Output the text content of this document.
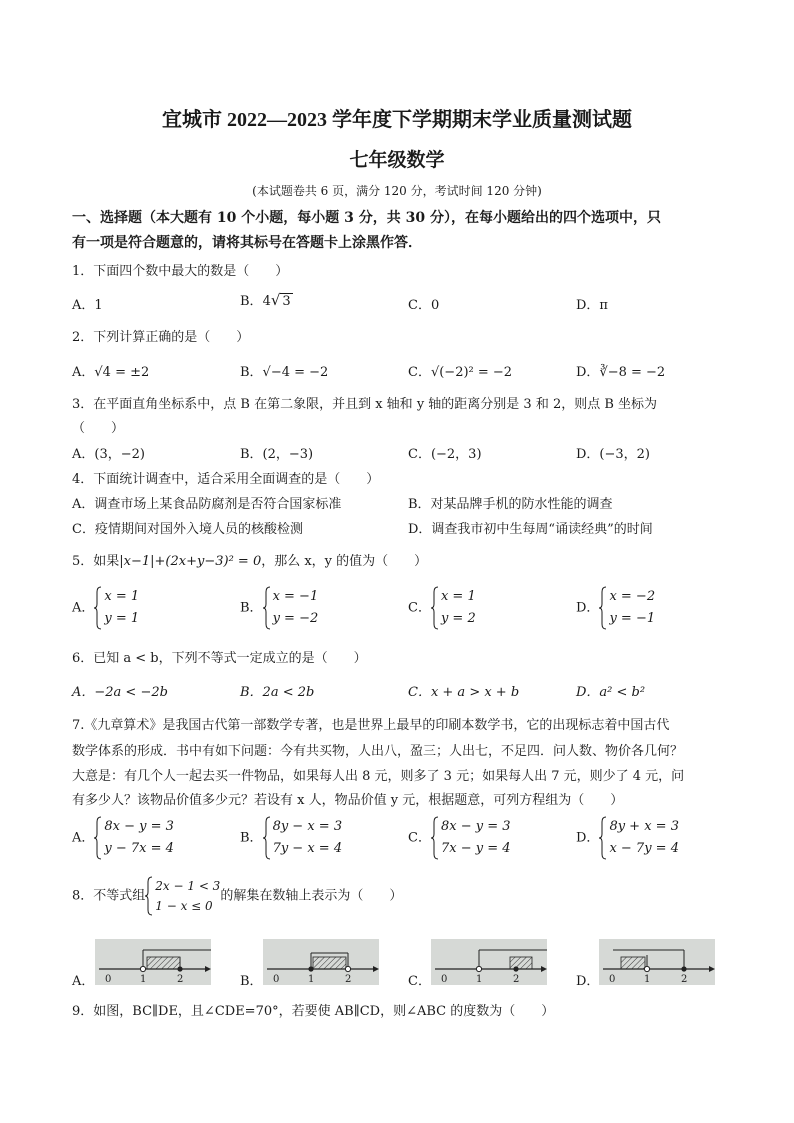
宜城市 2022—2023 学年度下学期期末学业质量测试题
七年级数学
(本试题卷共 6 页，满分 120 分，考试时间 120 分钟)
一、选择题（本大题有 10 个小题，每小题 3 分，共 30 分），在每小题给出的四个选项中，只
有一项是符合题意的，请将其标号在答题卡上涂黑作答．
1．下面四个数中最大的数是（　　）
A．1	B．4√ 3	C．0	D．π
2．下列计算正确的是（　　）
A．√4 = ±2	B．√−4 = −2	C．√(−2)² = −2	D．∛−8 = −2
3．在平面直角坐标系中，点 B 在第二象限，并且到 x 轴和 y 轴的距离分别是 3 和 2，则点 B 坐标为
（　　）
A．(3，−2)	B．(2，−3)	C．(−2，3)	D．(−3，2)
4．下面统计调查中，适合采用全面调查的是（　　）
A．调查市场上某食品防腐剂是否符合国家标准	B．对某品牌手机的防水性能的调查
C．疫情期间对国外入境人员的核酸检测	D．调查我市初中生每周“诵读经典”的时间
5．如果|x−1|+(2x+y−3)² = 0，那么 x，y 的值为（　　）
A．
x = 1
y = 1
B．
x = −1
y = −2
C．
x = 1
y = 2
D．
x = −2
y = −1
6．已知 a < b，下列不等式一定成立的是（　　）
A．−2a < −2b	B．2a < 2b	C．x + a > x + b	D．a² < b²
7.《九章算术》是我国古代第一部数学专著，也是世界上最早的印刷本数学书，它的出现标志着中国古代
数学体系的形成．书中有如下问题：今有共买物，人出八，盈三；人出七，不足四．问人数、物价各几何？
大意是：有几个人一起去买一件物品，如果每人出 8 元，则多了 3 元；如果每人出 7 元，则少了 4 元，问
有多少人？该物品价值多少元？若设有 x 人，物品价值 y 元，根据题意，可列方程组为（　　）
A．
8x − y = 3
y − 7x = 4
B．
8y − x = 3
7y − x = 4
C．
8x − y = 3
7x − y = 4
D．
8y + x = 3
x − 7y = 4
8．不等式组
2x − 1 < 3
1 − x ≤ 0的解集在数轴上表示为（　　）
A．	B．	C．	D．
0	1	2	0	1	2	0	1	2	0	1	2
9．如图，BC∥DE，且∠CDE=70°，若要使 AB∥CD，则∠ABC 的度数为（　　）
